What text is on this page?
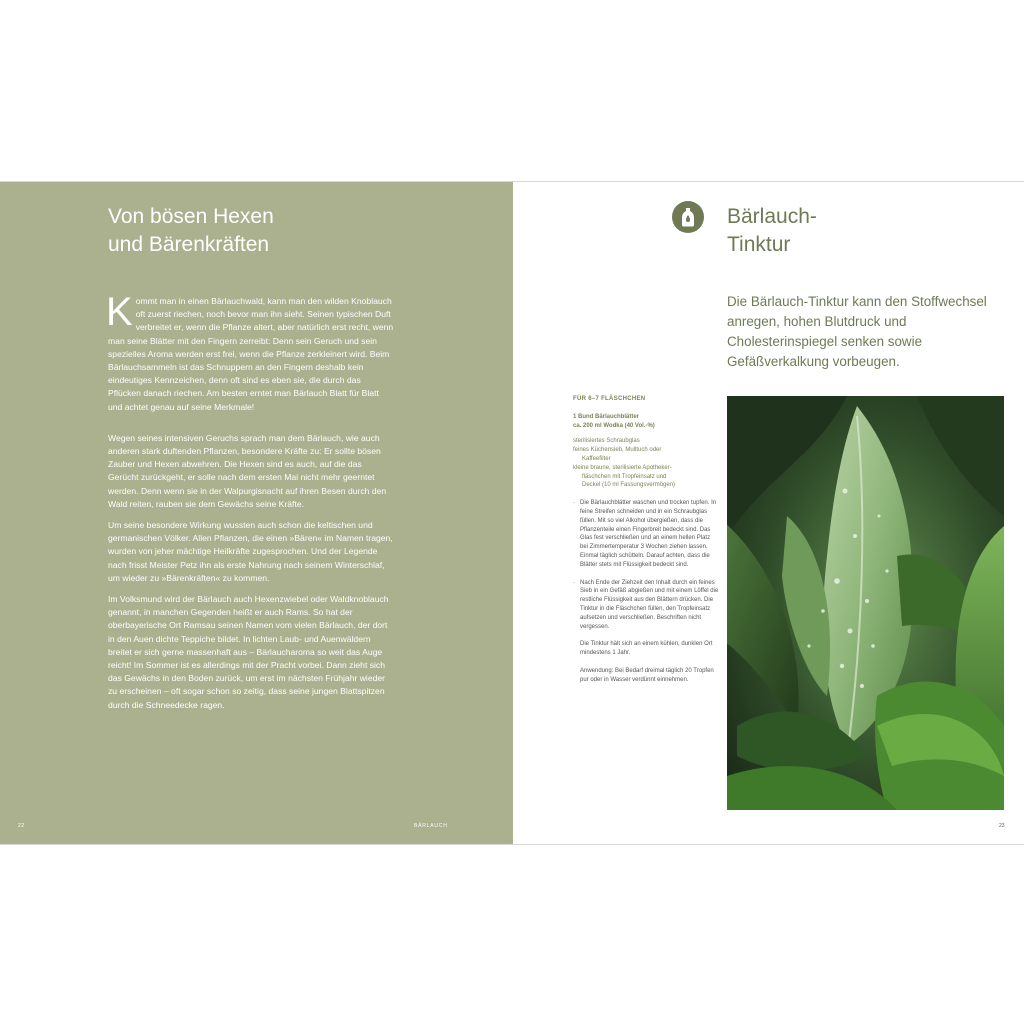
Von bösen Hexen
und Bärenkräften

Kommt man in einen Bärlauchwald, kann man den wilden Knoblauch oft zuerst riechen, noch bevor man ihn sieht. Seinen typischen Duft verbreitet er, wenn die Pflanze altert, aber natürlich erst recht, wenn man seine Blätter mit den Fingern zerreibt: Denn sein Geruch und sein spezielles Aroma werden erst frei, wenn die Pflanze zerkleinert wird. Beim Bärlauchsammeln ist das Schnuppern an den Fingern deshalb kein eindeutiges Kennzeichen, denn oft sind es eben sie, die durch das Pflücken danach riechen. Am besten erntet man Bärlauch Blatt für Blatt und achtet genau auf seine Merkmale!

Wegen seines intensiven Geruchs sprach man dem Bärlauch, wie auch anderen stark duftenden Pflanzen, besondere Kräfte zu: Er sollte bösen Zauber und Hexen abwehren. Die Hexen sind es auch, auf die das Gerücht zurückgeht, er solle nach dem ersten Mai nicht mehr geerntet werden. Denn wenn sie in der Walpurgisnacht auf ihren Besen durch den Wald reiten, rauben sie dem Gewächs seine Kräfte.

Um seine besondere Wirkung wussten auch schon die keltischen und germanischen Völker. Allen Pflanzen, die einen »Bären« im Namen tragen, wurden von jeher mächtige Heilkräfte zugesprochen. Und der Legende nach frisst Meister Petz ihn als erste Nahrung nach seinem Winterschlaf, um wieder zu »Bärenkräften« zu kommen.

Im Volksmund wird der Bärlauch auch Hexenzwiebel oder Waldknoblauch genannt, in manchen Gegenden heißt er auch Rams. So hat der oberbayerische Ort Ramsau seinen Namen vom vielen Bärlauch, der dort in den Auen dichte Teppiche bildet. In lichten Laub- und Auenwäldern breitet er sich gerne massenhaft aus – Bärlaucharoma so weit das Auge reicht! Im Sommer ist es allerdings mit der Pracht vorbei. Dann zieht sich das Gewächs in den Boden zurück, um erst im nächsten Frühjahr wieder zu erscheinen – oft sogar schon so zeitig, dass seine jungen Blattspitzen durch die Schneedecke ragen.

22	BÄRLAUCH
Bärlauch-
Tinktur

Die Bärlauch-Tinktur kann den Stoffwechsel anregen, hohen Blutdruck und Cholesterinspiegel senken sowie Gefäßverkalkung vorbeugen.

FÜR 6–7 FLÄSCHCHEN
1 Bund Bärlauchblätter
ca. 200 ml Wodka (40 Vol.-%)
sterilisiertes Schraubglas
feines Küchensieb, Mulltuch oder
Kaffeefilter
kleine braune, sterilisierte Apotheker-
fläschchen mit Tropfeinsatz und
Deckel (10 ml Fassungsvermögen)

· Die Bärlauchblätter waschen und trocken tupfen. In feine Streifen schneiden und in ein Schraubglas füllen. Mit so viel Alkohol übergießen, dass die Pflanzenteile einen Fingerbreit bedeckt sind. Das Glas fest verschließen und an einem hellen Platz bei Zimmertemperatur 3 Wochen ziehen lassen. Einmal täglich schütteln. Darauf achten, dass die Blätter stets mit Flüssigkeit bedeckt sind.

· Nach Ende der Ziehzeit den Inhalt durch ein feines Sieb in ein Gefäß abgießen und mit einem Löffel die restliche Flüssigkeit aus den Blättern drücken. Die Tinktur in die Fläschchen füllen, den Tropfeinsatz aufsetzen und verschließen. Beschriften nicht vergessen.

Die Tinktur hält sich an einem kühlen, dunklen Ort mindestens 1 Jahr.

Anwendung: Bei Bedarf dreimal täglich 20 Tropfen pur oder in Wasser verdünnt einnehmen.

23
